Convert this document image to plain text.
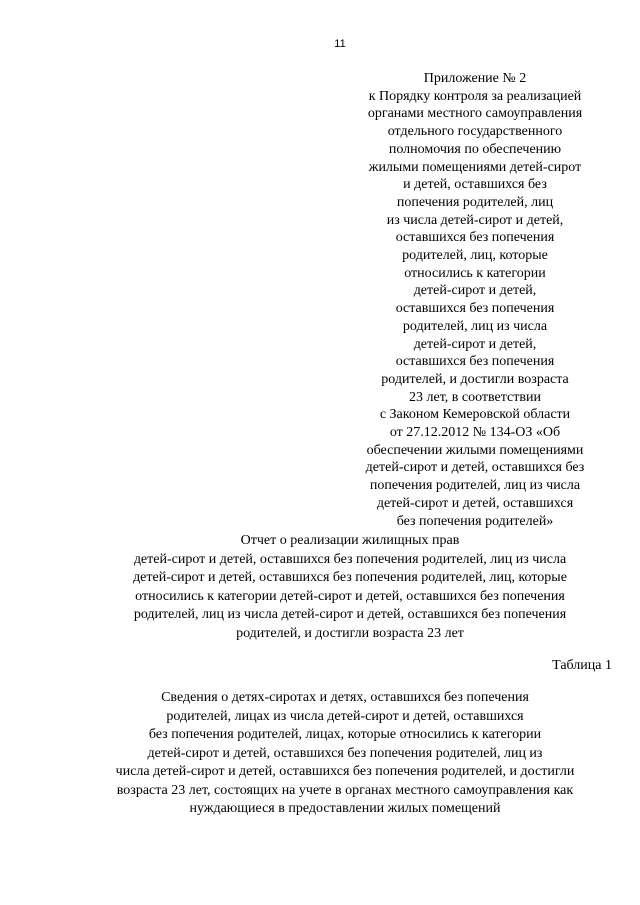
11
Приложение № 2
к Порядку контроля за реализацией
органами местного самоуправления
отдельного государственного
полномочия по обеспечению
жилыми помещениями детей-сирот
и детей, оставшихся без
попечения родителей, лиц
из числа детей-сирот и детей,
оставшихся без попечения
родителей, лиц, которые
относились к категории
детей-сирот и детей,
оставшихся без попечения
родителей, лиц из числа
детей-сирот и детей,
оставшихся без попечения
родителей, и достигли возраста
23 лет, в соответствии
с Законом Кемеровской области
от 27.12.2012 № 134-ОЗ «Об
обеспечении жилыми помещениями
детей-сирот и детей, оставшихся без
попечения родителей, лиц из числа
детей-сирот и детей, оставшихся
без попечения родителей»
Отчет о реализации жилищных прав
детей-сирот и детей, оставшихся без попечения родителей, лиц из числа
детей-сирот и детей, оставшихся без попечения родителей, лиц, которые
относились к категории детей-сирот и детей, оставшихся без попечения
родителей, лиц из числа детей-сирот и детей, оставшихся без попечения
родителей, и достигли возраста 23 лет
Таблица 1
Сведения о детях-сиротах и детях, оставшихся без попечения
родителей, лицах из числа детей-сирот и детей, оставшихся
без попечения родителей, лицах, которые относились к категории
детей-сирот и детей, оставшихся без попечения родителей, лиц из
числа детей-сирот и детей, оставшихся без попечения родителей, и достигли
возраста 23 лет, состоящих на учете в органах местного самоуправления как
нуждающиеся в предоставлении жилых помещений
